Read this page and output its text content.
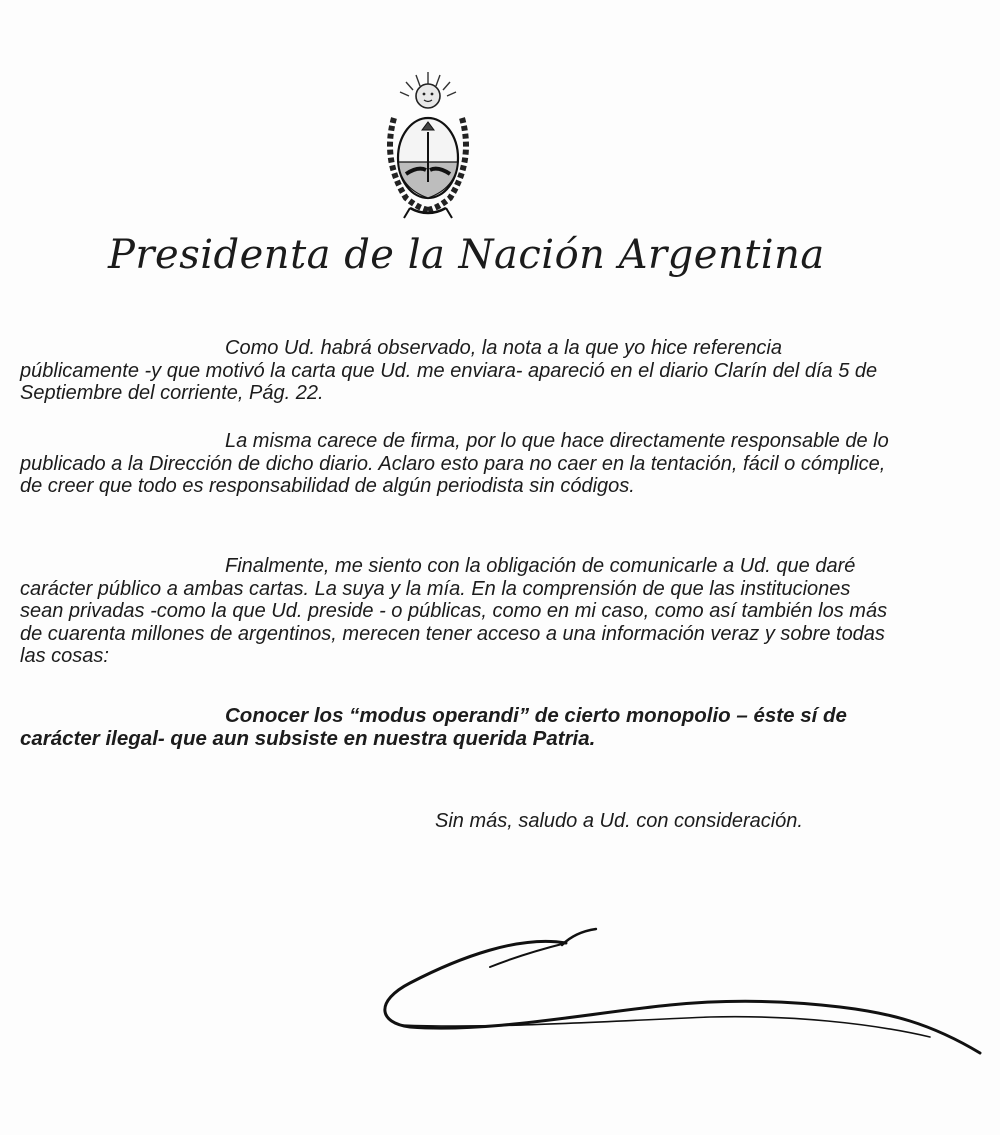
Presidenta de la Nación Argentina

Como Ud. habrá observado, la nota a la que yo hice referencia públicamente -y que motivó la carta que Ud. me enviara- apareció en el diario Clarín del día 5 de Septiembre del corriente, Pág. 22.

La misma carece de firma, por lo que hace directamente responsable de lo publicado a la Dirección de dicho diario. Aclaro esto para no caer en la tentación, fácil o cómplice, de creer que todo es responsabilidad de algún periodista sin códigos.

Finalmente, me siento con la obligación de comunicarle a Ud. que daré carácter público a ambas cartas. La suya y la mía. En la comprensión de que las instituciones sean privadas -como la que Ud. preside - o públicas, como en mi caso, como así también los más de cuarenta millones de argentinos, merecen tener acceso a una información veraz y sobre todas las cosas:

Conocer los “modus operandi” de cierto monopolio – éste sí de carácter ilegal- que aun subsiste en nuestra querida Patria.

Sin más, saludo a Ud. con consideración.
